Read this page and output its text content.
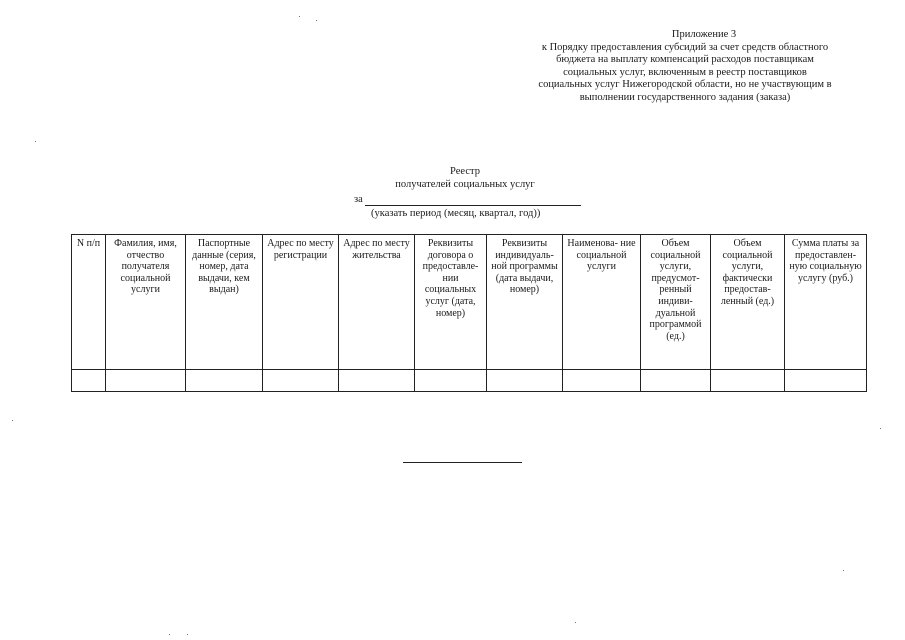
Приложение 3
к Порядку предоставления субсидий за счет средств областного
бюджета на выплату компенсаций расходов поставщикам
социальных услуг, включенным в реестр поставщиков
социальных услуг Нижегородской области, но не участвующим в
выполнении государственного задания (заказа)
Реестр
получателей социальных услуг
за
(указать период (месяц, квартал, год))
N п/п	Фамилия, имя, отчество получателя социальной услуги	Паспортные данные (серия, номер, дата выдачи, кем выдан)	Адрес по месту регистрации	Адрес по месту жительства	Реквизиты договора о предоставле- нии социальных услуг (дата, номер)	Реквизиты индивидуаль- ной программы (дата выдачи, номер)	Наименова- ние социальной услуги	Объем социальной услуги, предусмот- ренный индиви- дуальной программой (ед.)	Объем социальной услуги, фактически предостав- ленный (ед.)	Сумма платы за предоставлен- ную социальную услугу (руб.)
